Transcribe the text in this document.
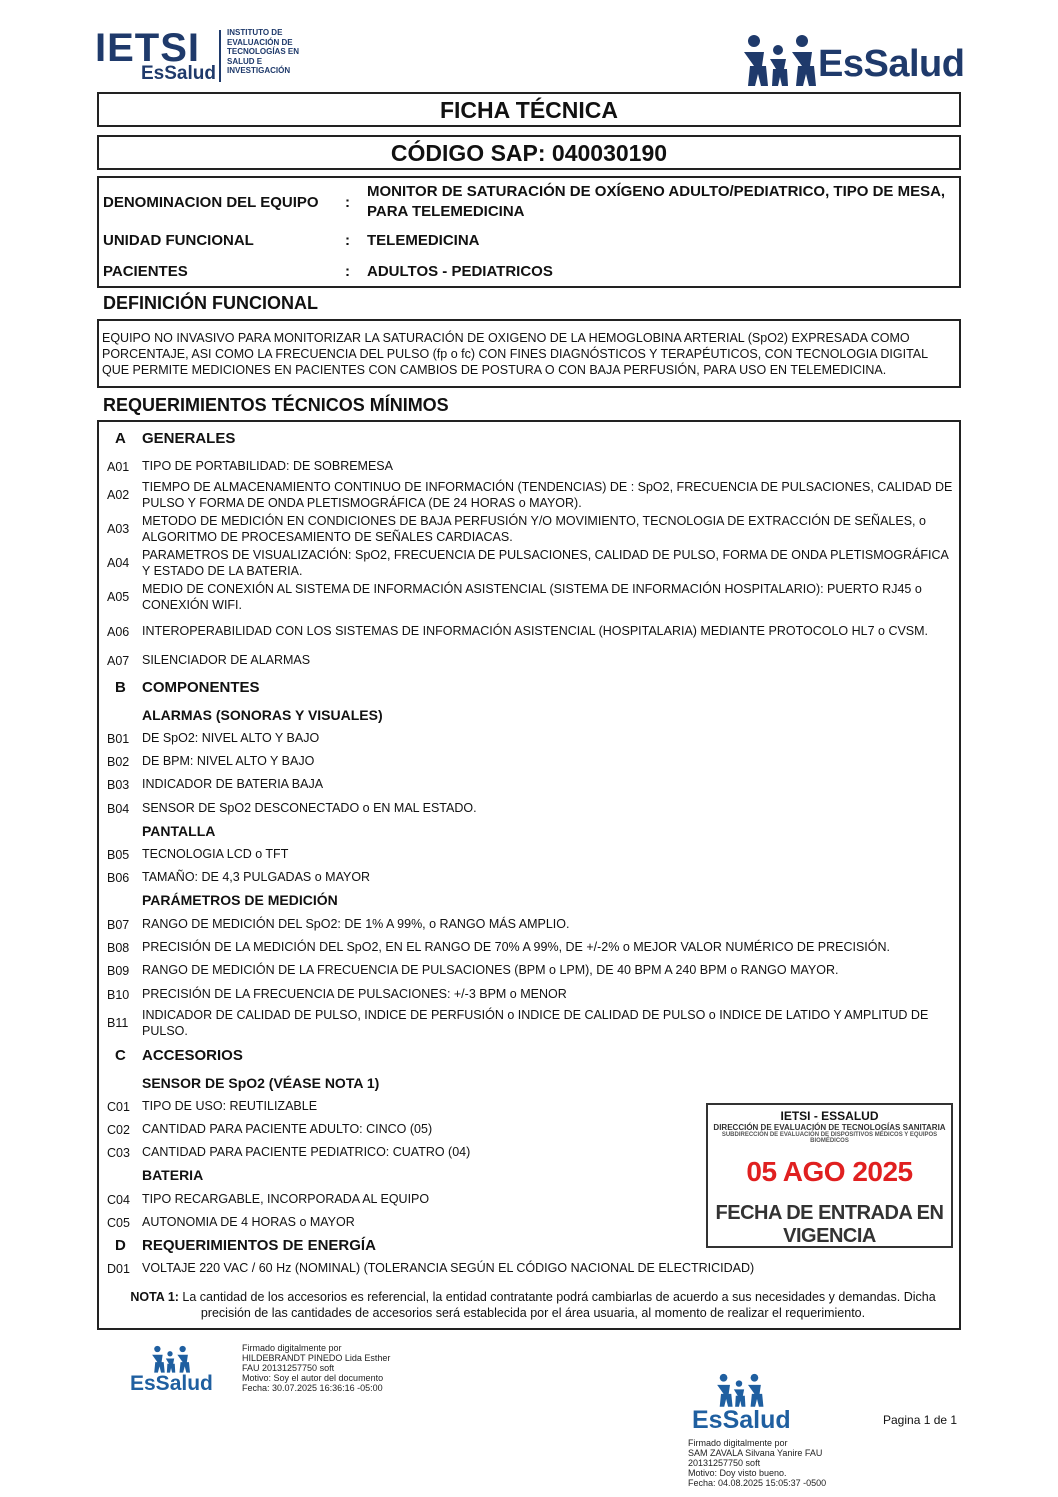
IETSI
EsSalud
INSTITUTO DE
EVALUACIÓN DE
TECNOLOGÍAS EN
SALUD E
INVESTIGACIÓN	EsSalud
FICHA TÉCNICA
CÓDIGO SAP: 040030190
DENOMINACION DEL EQUIPO :
MONITOR DE SATURACIÓN DE OXÍGENO ADULTO/PEDIATRICO, TIPO DE MESA, PARA TELEMEDICINA
UNIDAD FUNCIONAL	: TELEMEDICINA
PACIENTES	: ADULTOS - PEDIATRICOS
DEFINICIÓN FUNCIONAL
EQUIPO NO INVASIVO PARA MONITORIZAR LA SATURACIÓN DE OXIGENO DE LA HEMOGLOBINA ARTERIAL (SpO2) EXPRESADA COMO PORCENTAJE, ASI COMO LA FRECUENCIA DEL PULSO (fp o fc) CON FINES DIAGNÓSTICOS Y TERAPÉUTICOS, CON TECNOLOGIA DIGITAL QUE PERMITE MEDICIONES EN PACIENTES CON CAMBIOS DE POSTURA O CON BAJA PERFUSIÓN, PARA USO EN TELEMEDICINA.
REQUERIMIENTOS TÉCNICOS MÍNIMOS
A GENERALES
A01 TIPO DE PORTABILIDAD: DE SOBREMESA
A02
TIEMPO DE ALMACENAMIENTO CONTINUO DE INFORMACIÓN (TENDENCIAS) DE : SpO2, FRECUENCIA DE PULSACIONES, CALIDAD DE PULSO Y FORMA DE ONDA PLETISMOGRÁFICA (DE 24 HORAS o MAYOR).
A03
METODO DE MEDICIÓN EN CONDICIONES DE BAJA PERFUSIÓN Y/O MOVIMIENTO, TECNOLOGIA DE EXTRACCIÓN DE SEÑALES, o ALGORITMO DE PROCESAMIENTO DE SEÑALES CARDIACAS.
A04
PARAMETROS DE VISUALIZACIÓN: SpO2, FRECUENCIA DE PULSACIONES, CALIDAD DE PULSO, FORMA DE ONDA PLETISMOGRÁFICA Y ESTADO DE LA BATERIA.
A05
MEDIO DE CONEXIÓN AL SISTEMA DE INFORMACIÓN ASISTENCIAL (SISTEMA DE INFORMACIÓN HOSPITALARIO): PUERTO RJ45 o CONEXIÓN WIFI.
A06 INTEROPERABILIDAD CON LOS SISTEMAS DE INFORMACIÓN ASISTENCIAL (HOSPITALARIA) MEDIANTE PROTOCOLO HL7 o CVSM.
A07 SILENCIADOR DE ALARMAS
B COMPONENTES
ALARMAS (SONORAS Y VISUALES)
B01 DE SpO2: NIVEL ALTO Y BAJO
B02 DE BPM: NIVEL ALTO Y BAJO
B03 INDICADOR DE BATERIA BAJA
B04 SENSOR DE SpO2 DESCONECTADO o EN MAL ESTADO.
PANTALLA
B05 TECNOLOGIA LCD o TFT
B06 TAMAÑO: DE 4,3 PULGADAS o MAYOR
PARÁMETROS DE MEDICIÓN
B07 RANGO DE MEDICIÓN DEL SpO2: DE 1% A 99%, o RANGO MÁS AMPLIO.
B08 PRECISIÓN DE LA MEDICIÓN DEL SpO2, EN EL RANGO DE 70% A 99%, DE +/-2% o MEJOR VALOR NUMÉRICO DE PRECISIÓN.
B09 RANGO DE MEDICIÓN DE LA FRECUENCIA DE PULSACIONES (BPM o LPM), DE 40 BPM A 240 BPM o RANGO MAYOR.
B10 PRECISIÓN DE LA FRECUENCIA DE PULSACIONES: +/-3 BPM o MENOR
B11
INDICADOR DE CALIDAD DE PULSO, INDICE DE PERFUSIÓN o INDICE DE CALIDAD DE PULSO o INDICE DE LATIDO Y AMPLITUD DE PULSO.
C ACCESORIOS
SENSOR DE SpO2 (VÉASE NOTA 1)
C01 TIPO DE USO: REUTILIZABLE
C02 CANTIDAD PARA PACIENTE ADULTO: CINCO (05)
C03 CANTIDAD PARA PACIENTE PEDIATRICO: CUATRO (04)
BATERIA
C04 TIPO RECARGABLE, INCORPORADA AL EQUIPO
C05 AUTONOMIA DE 4 HORAS o MAYOR
D REQUERIMIENTOS DE ENERGÍA
D01 VOLTAJE 220 VAC / 60 Hz (NOMINAL) (TOLERANCIA SEGÚN EL CÓDIGO NACIONAL DE ELECTRICIDAD)
NOTA 1: La cantidad de los accesorios es referencial, la entidad contratante podrá cambiarlas de acuerdo a sus necesidades y demandas. Dicha precisión de las cantidades de accesorios será establecida por el área usuaria, al momento de realizar el requerimiento.
IETSI - ESSALUD
DIRECCIÓN DE EVALUACIÓN DE TECNOLOGÍAS SANITARIA
SUBDIRECCIÓN DE EVALUACIÓN DE DISPOSITIVOS MÉDICOS Y EQUIPOS BIOMÉDICOS
05 AGO 2025
FECHA DE ENTRADA EN VIGENCIA
EsSalud
Firmado digitalmente por
HILDEBRANDT PINEDO Lida Esther
FAU 20131257750 soft
Motivo: Soy el autor del documento
Fecha: 30.07.2025 16:36:16 -05:00
EsSalud
Firmado digitalmente por
SAM ZAVALA Silvana Yanire FAU
20131257750 soft
Motivo: Doy visto bueno.
Fecha: 04.08.2025 15:05:37 -0500
Pagina 1 de 1
